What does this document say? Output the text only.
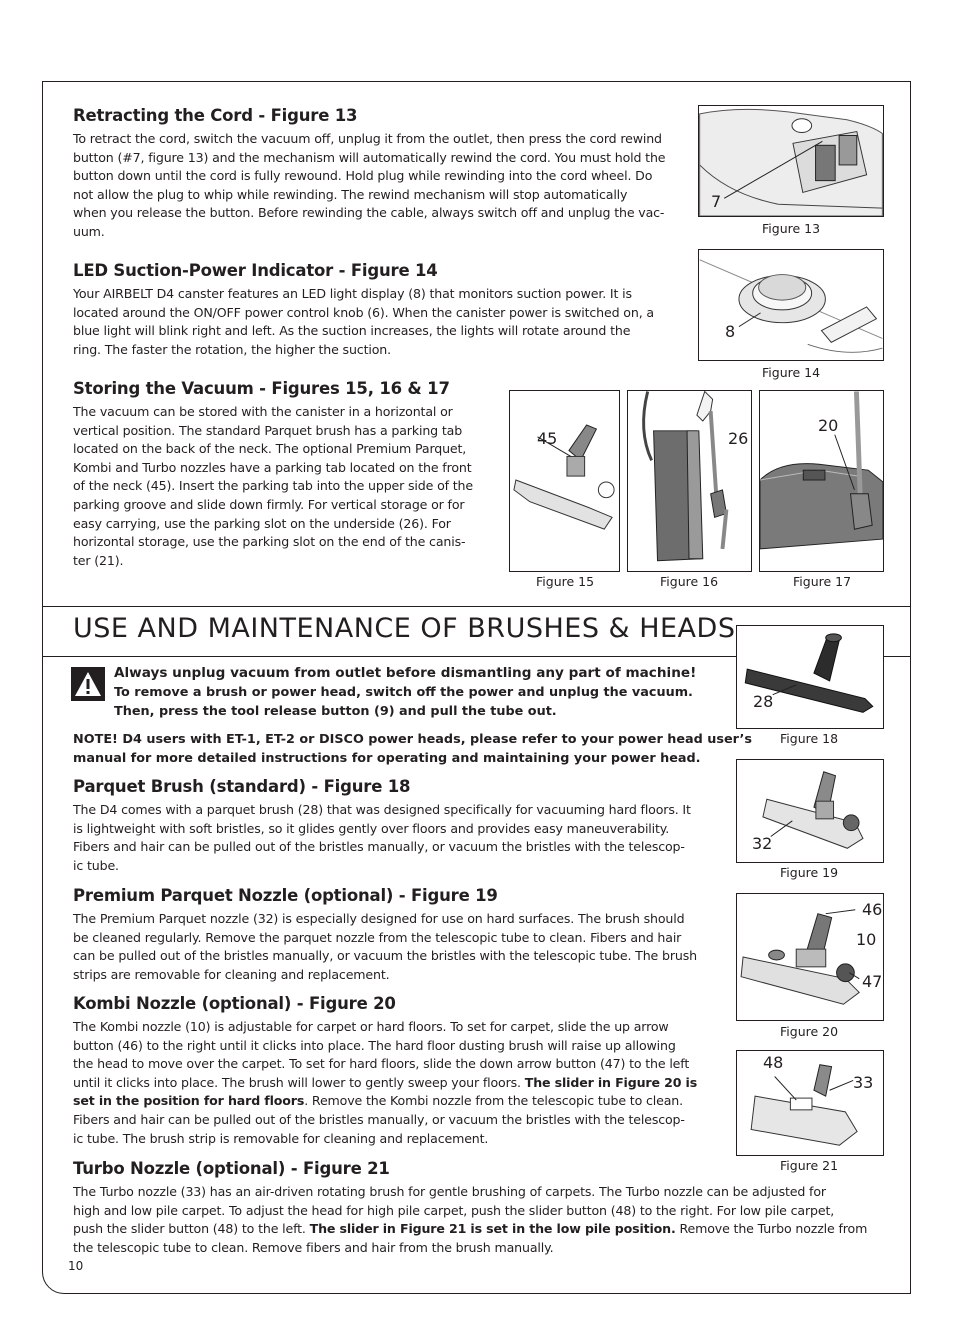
Retracting the Cord - Figure 13

To retract the cord, switch the vacuum off, unplug it from the outlet, then press the cord rewind
button (#7, figure 13) and the mechanism will automatically rewind the cord. You must hold the
button down until the cord is fully rewound. Hold plug while rewinding into the cord wheel. Do
not allow the plug to whip while rewinding. The rewind mechanism will stop automatically
when you release the button. Before rewinding the cable, always switch off and unplug the vac-
uum.

7
Figure 13
LED Suction-Power Indicator - Figure 14

Your AIRBELT D4 canster features an LED light display (8) that monitors suction power. It is
located around the ON/OFF power control knob (6). When the canister power is switched on, a
blue light will blink right and left. As the suction increases, the lights will rotate around the
ring. The faster the rotation, the higher the suction.

8
Figure 14
Storing the Vacuum - Figures 15, 16 & 17

The vacuum can be stored with the canister in a horizontal or
vertical position. The standard Parquet brush has a parking tab
located on the back of the neck. The optional Premium Parquet,
Kombi and Turbo nozzles have a parking tab located on the front
of the neck (45). Insert the parking tab into the upper side of the
parking groove and slide down firmly. For vertical storage or for
easy carrying, use the parking slot on the underside (26). For
horizontal storage, use the parking slot on the end of the canis-
ter (21).

45
Figure 15
26
Figure 16
20
Figure 17
USE AND MAINTENANCE OF BRUSHES & HEADS
Always unplug vacuum from outlet before dismantling any part of machine!
To remove a brush or power head, switch off the power and unplug the vacuum.
Then, press the tool release button (9) and pull the tube out.

NOTE! D4 users with ET-1, ET-2 or DISCO power heads, please refer to your power head user’s
manual for more detailed instructions for operating and maintaining your power head.

Parquet Brush (standard) - Figure 18

The D4 comes with a parquet brush (28) that was designed specifically for vacuuming hard floors. It
is lightweight with soft bristles, so it glides gently over floors and provides easy maneuverability.
Fibers and hair can be pulled out of the bristles manually, or vacuum the bristles with the telescop-
ic tube.

28
Figure 18
Premium Parquet Nozzle (optional) - Figure 19

The Premium Parquet nozzle (32) is especially designed for use on hard surfaces. The brush should
be cleaned regularly. Remove the parquet nozzle from the telescopic tube to clean. Fibers and hair
can be pulled out of the bristles manually, or vacuum the bristles with the telescopic tube. The brush
strips are removable for cleaning and replacement.

32
Figure 19
Kombi Nozzle (optional) - Figure 20

The Kombi nozzle (10) is adjustable for carpet or hard floors. To set for carpet, slide the up arrow
button (46) to the right until it clicks into place. The hard floor dusting brush will raise up allowing
the head to move over the carpet. To set for hard floors, slide the down arrow button (47) to the left
until it clicks into place. The brush will lower to gently sweep your floors. The slider in Figure 20 is
set in the position for hard floors. Remove the Kombi nozzle from the telescopic tube to clean.
Fibers and hair can be pulled out of the bristles manually, or vacuum the bristles with the telescop-
ic tube. The brush strip is removable for cleaning and replacement.

46
10
47
Figure 20
48
33
Figure 21
Turbo Nozzle (optional) - Figure 21

The Turbo nozzle (33) has an air-driven rotating brush for gentle brushing of carpets. The Turbo nozzle can be adjusted for
high and low pile carpet. To adjust the head for high pile carpet, push the slider button (48) to the right. For low pile carpet,
push the slider button (48) to the left. The slider in Figure 21 is set in the low pile position. Remove the Turbo nozzle from
the telescopic tube to clean. Remove fibers and hair from the brush manually.

10
